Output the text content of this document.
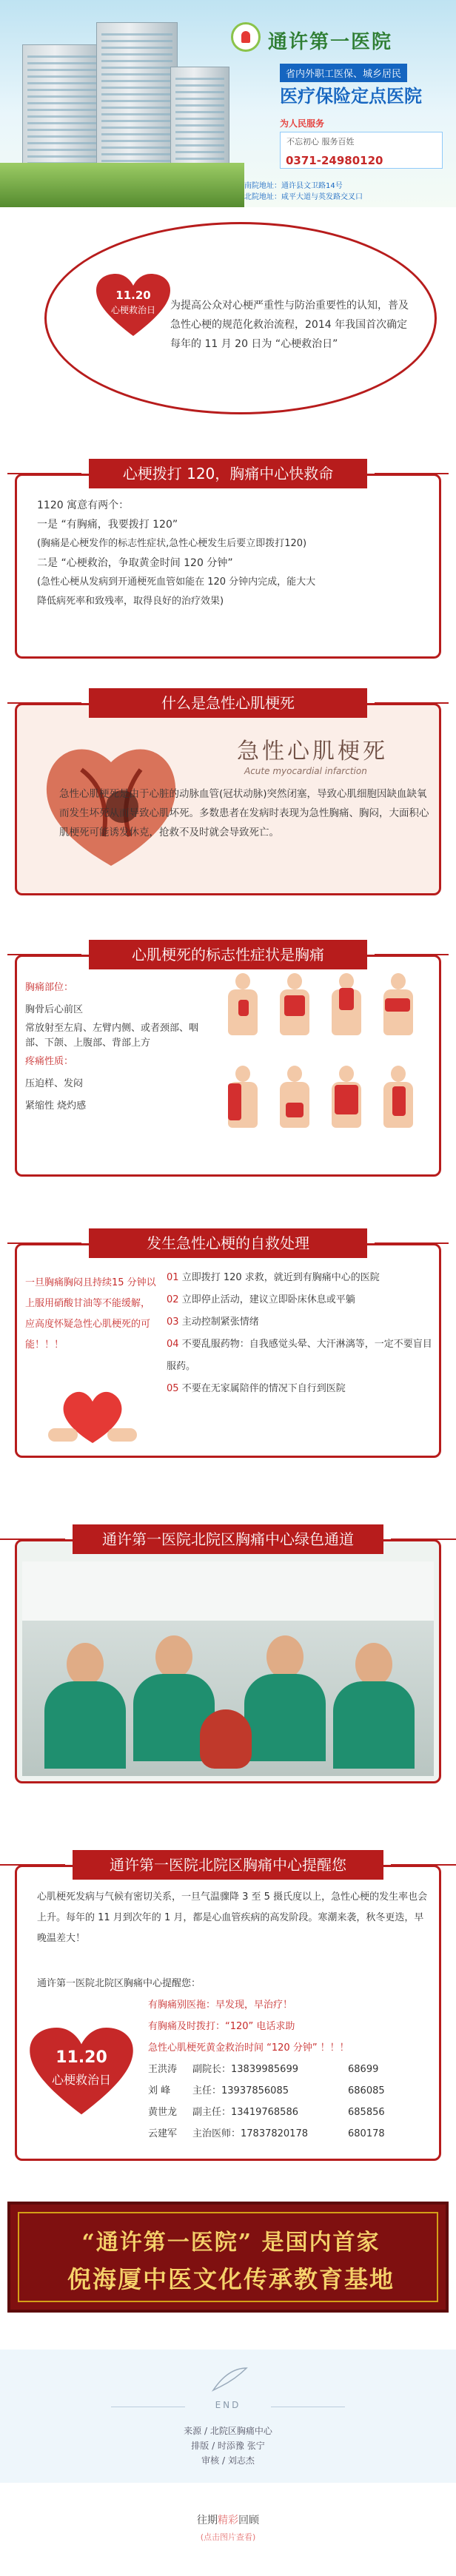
通许第一医院
省内外职工医保、城乡居民
医疗保险定点医院
为人民服务
不忘初心 服务百姓
0371-24980120
南院地址：通许县文卫路14号
北院地址：咸平大道与英发路交叉口
11.20
心梗救治日	为提高公众对心梗严重性与防治重要性的认知，普及急性心梗的规范化救治流程，2014 年我国首次确定每年的 11 月 20 日为 “心梗救治日”
心梗拨打 120，胸痛中心快救命
1120 寓意有两个：
一是 “有胸痛，我要拨打 120”
(胸痛是心梗发作的标志性症状,急性心梗发生后要立即拨打120)
二是 “心梗救治，争取黄金时间 120 分钟”
(急性心梗从发病到开通梗死血管如能在 120 分钟内完成，能大大
降低病死率和致残率，取得良好的治疗效果)
什么是急性心肌梗死
急性心肌梗死
Acute myocardial infarction
急性心肌梗死是由于心脏的动脉血管(冠状动脉)突然闭塞，导致心肌细胞因缺血缺氧而发生坏死从而导致心肌坏死。多数患者在发病时表现为急性胸痛、胸闷，大面积心肌梗死可能诱发休克，抢救不及时就会导致死亡。
心肌梗死的标志性症状是胸痛
胸痛部位：
胸骨后心前区
常放射至左肩、左臂内侧、或者颈部、咽部、下颌、上腹部、背部上方
疼痛性质：
压迫样、发闷
紧缩性 烧灼感
发生急性心梗的自救处理
一旦胸痛胸闷且持续15 分钟以上服用硝酸甘油等不能缓解，应高度怀疑急性心肌梗死的可能！！！
01 立即拨打 120 求救，就近到有胸痛中心的医院
02 立即停止活动，建议立即卧床休息或平躺
03 主动控制紧张情绪
04 不要乱服药物：自我感觉头晕、大汗淋漓等，一定不要盲目服药。
05 不要在无家属陪伴的情况下自行到医院
通许第一医院北院区胸痛中心绿色通道
通许第一医院北院区胸痛中心提醒您
心肌梗死发病与气候有密切关系，一旦气温骤降 3 至 5 摄氏度以上，急性心梗的发生率也会上升。每年的 11 月到次年的 1 月，都是心血管疾病的高发阶段。寒潮来袭，秋冬更迭，早晚温差大！
通许第一医院北院区胸痛中心提醒您：
11.20
心梗救治日
有胸痛别医拖：早发现，早治疗！
有胸痛及时拨打：“120” 电话求助
急性心肌梗死黄金救治时间 “120 分钟” ！！！
王洪涛	副院长：13839985699	68699
刘 峰	主任：13937856085	686085
黄世龙	副主任：13419768586	685856
云建军	主治医师：17837820178	680178
“通许第一医院” 是国内首家
倪海厦中医文化传承教育基地
END
来源 / 北院区胸痛中心
排版 / 时添豫 张宁
审核 / 刘志杰
往期精彩回顾
(点击图片查看)
